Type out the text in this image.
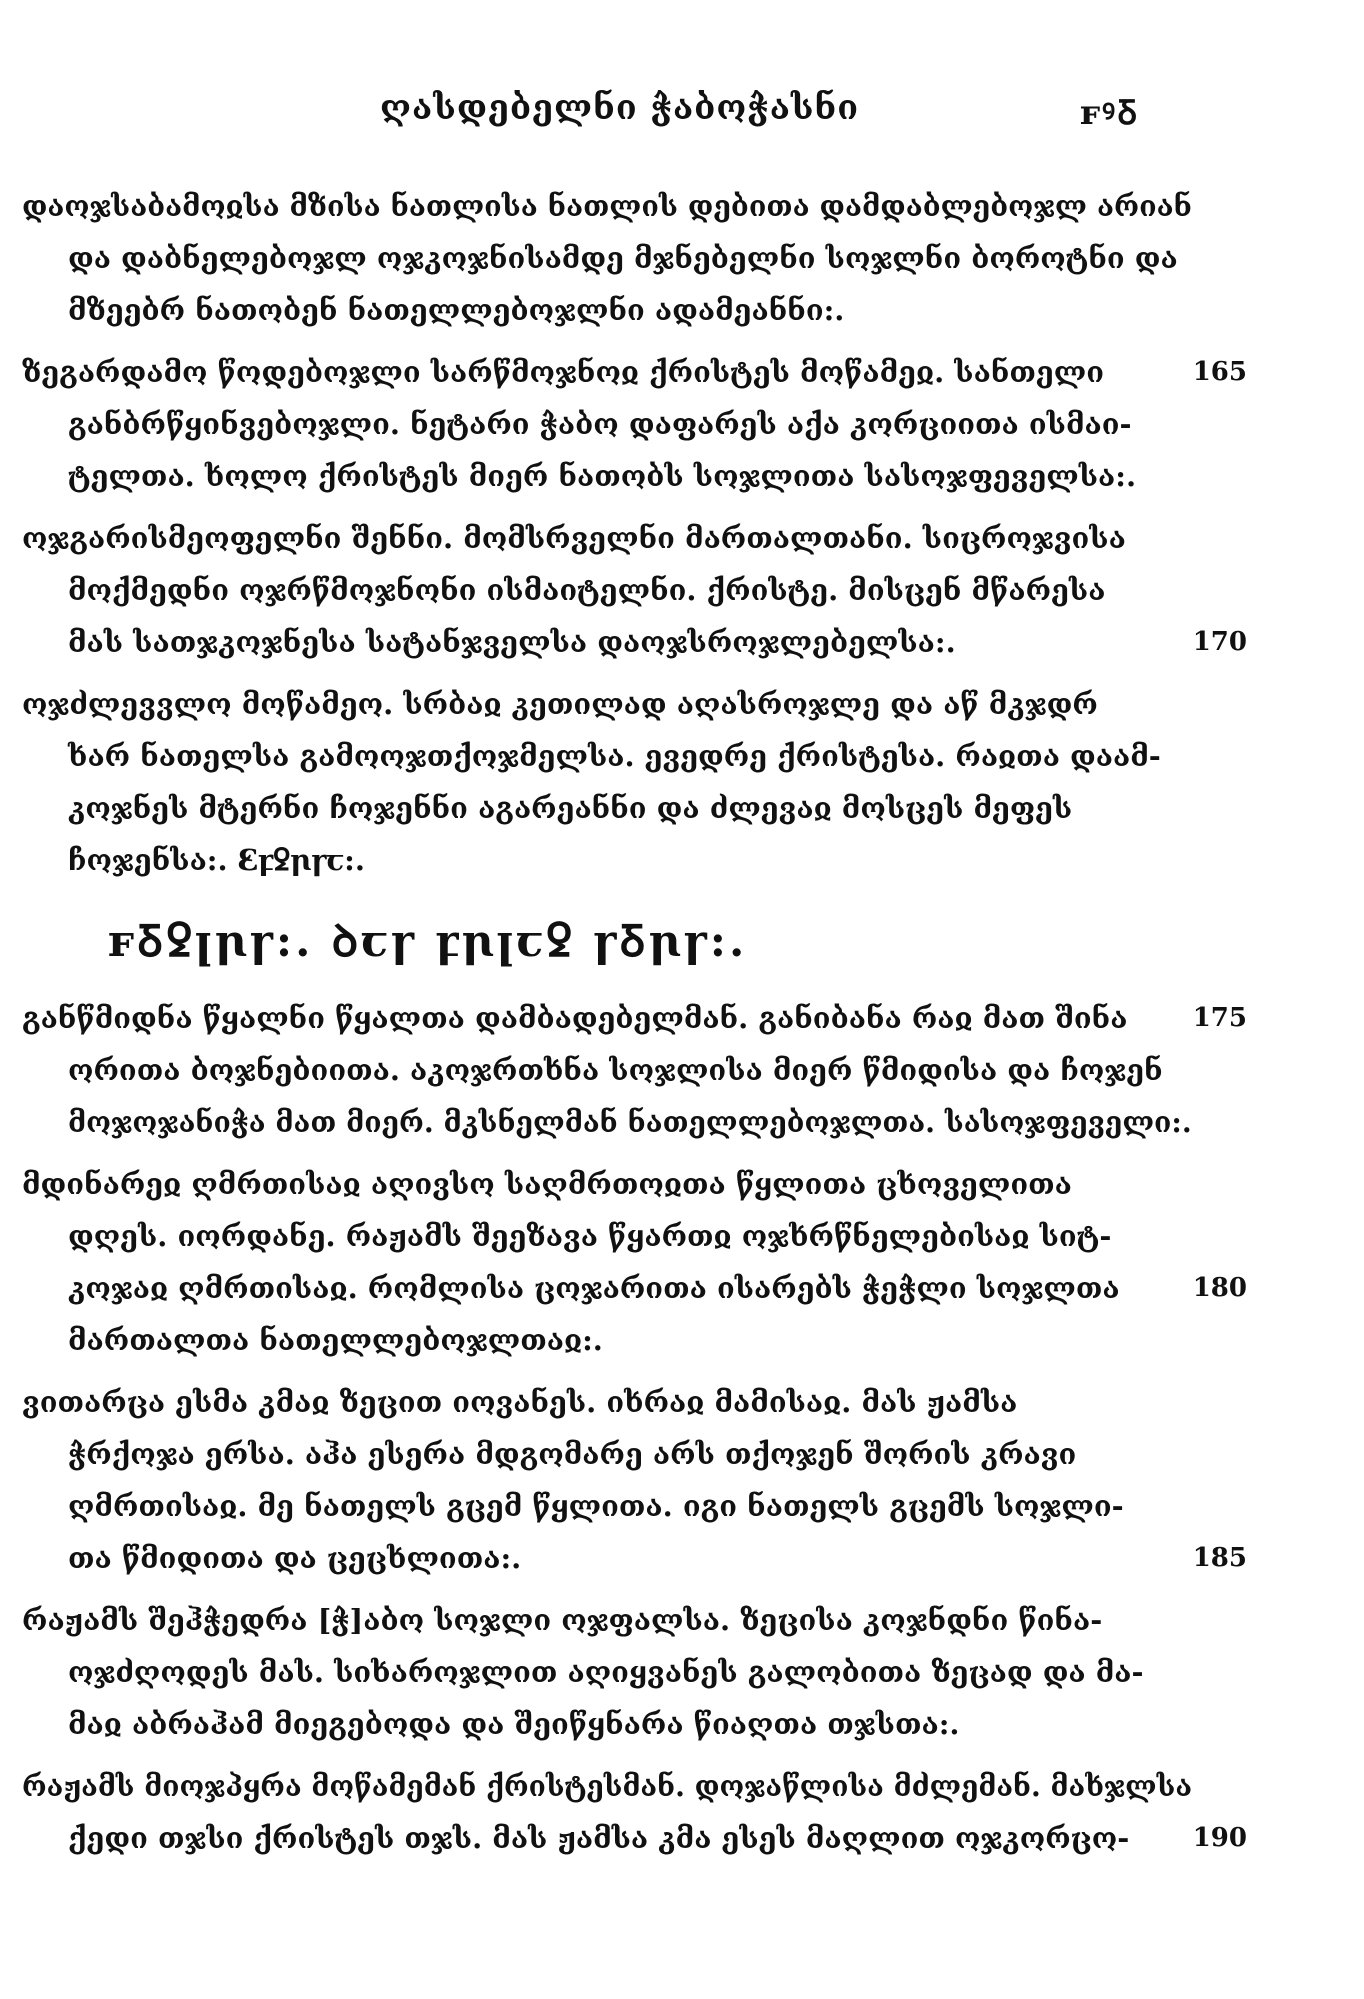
ღასდებელნი ჭაბოჭასნი	ꜰꝰꝽ
დაოჯსაბამოჲსა მზისა ნათლისა ნათლის დებითა დამდაბლებოჯლ არიან
და დაბნელებოჯლ ოჯკოჯნისამდე მჯნებელნი სოჯლნი ბოროტნი და
მზეებრ ნათობენ ნათელლებოჯლნი ადამეანნი:.
ზეგარდამო წოდებოჯლი სარწმოჯნოჲ ქრისტეს მოწამეჲ. სანთელი	165
განბრწყინვებოჯლი. ნეტარი ჭაბო დაფარეს აქა კორციითა ისმაი-
ტელთა. ხოლო ქრისტეს მიერ ნათობს სოჯლითა სასოჯფეველსა:.
ოჯგარისმეოფელნი შენნი. მომსრველნი მართალთანი. სიცროჯვისა
მოქმედნი ოჯრწმოჯნონი ისმაიტელნი. ქრისტე. მისცენ მწარესა
მას სათჯკოჯნესა სატანჯველსა დაოჯსროჯლებელსა:.	170
ოჯძლევვლო მოწამეო. სრბაჲ კეთილად აღასროჯლე და აწ მკჯდრ
ხარ ნათელსა გამოოჯთქოჯმელსა. ევედრე ქრისტესა. რაჲთა დაამ-
კოჯნეს მტერნი ჩოჯენნი აგარეანნი და ძლევაჲ მოსცეს მეფეს
ჩოჯენსა:. Ꜫꝼꝿꞃꞅꞇ:.
ꜰꝽꝿꞁꞃꞅ:. ꝺꞇꞅ ꝼꞃꞁꞇꝿ ꞅꝽꞃꞅ:.
განწმიდნა წყალნი წყალთა დამბადებელმან. განიბანა რაჲ მათ შინა	175
ორითა ბოჯნებიითა. აკოჯრთხნა სოჯლისა მიერ წმიდისა და ჩოჯენ
მოჯოჯანიჭა მათ მიერ. მკსნელმან ნათელლებოჯლთა. სასოჯფეველი:.
მდინარეჲ ღმრთისაჲ აღივსო საღმრთოჲთა წყლითა ცხოველითა
დღეს. იორდანე. რაჟამს შეეზავა წყართჲ ოჯხრწნელებისაჲ სიტ-
კოჯაჲ ღმრთისაჲ. რომლისა ცოჯარითა ისარებს ჭეჭლი სოჯლთა	180
მართალთა ნათელლებოჯლთაჲ:.
ვითარცა ესმა კმაჲ ზეცით იოვანეს. იხრაჲ მამისაჲ. მას ჟამსა
ჭრქოჯა ერსა. აჰა ესერა მდგომარე არს თქოჯენ შორის კრავი
ღმრთისაჲ. მე ნათელს გცემ წყლითა. იგი ნათელს გცემს სოჯლი-
თა წმიდითა და ცეცხლითა:.	185
რაჟამს შეჰჭედრა [ჭ]აბო სოჯლი ოჯფალსა. ზეცისა კოჯნდნი წინა-
ოჯძღოდეს მას. სიხაროჯლით აღიყვანეს გალობითა ზეცად და მა-
მაჲ აბრაჰამ მიეგებოდა და შეიწყნარა წიაღთა თჯსთა:.
რაჟამს მიოჯპყრა მოწამემან ქრისტესმან. დოჯაწლისა მძლემან. მახჯლსა
ქედი თჯსი ქრისტეს თჯს. მას ჟამსა კმა ესეს მაღლით ოჯკორცო- 190
